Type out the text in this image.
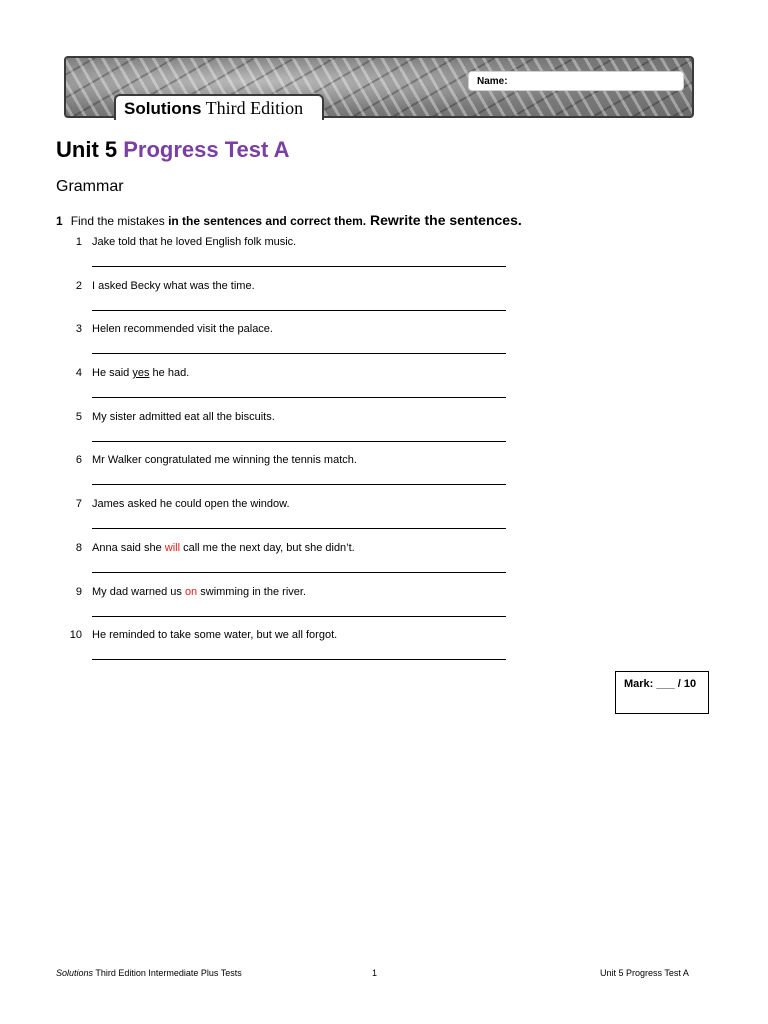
Name:
Solutions Third Edition
Unit 5 Progress Test A
Grammar
1 Find the mistakes in the sentences and correct them. Rewrite the sentences.
1 Jake told that he loved English folk music.
2 I asked Becky what was the time.
3 Helen recommended visit the palace.
4 He said yes he had.
5 My sister admitted eat all the biscuits.
6 Mr Walker congratulated me winning the tennis match.
7 James asked he could open the window.
8 Anna said she will call me the next day, but she didn’t.
9 My dad warned us on swimming in the river.
10 He reminded to take some water, but we all forgot.
Mark: ___ / 10
Solutions Third Edition Intermediate Plus Tests	1	Unit 5 Progress Test A
